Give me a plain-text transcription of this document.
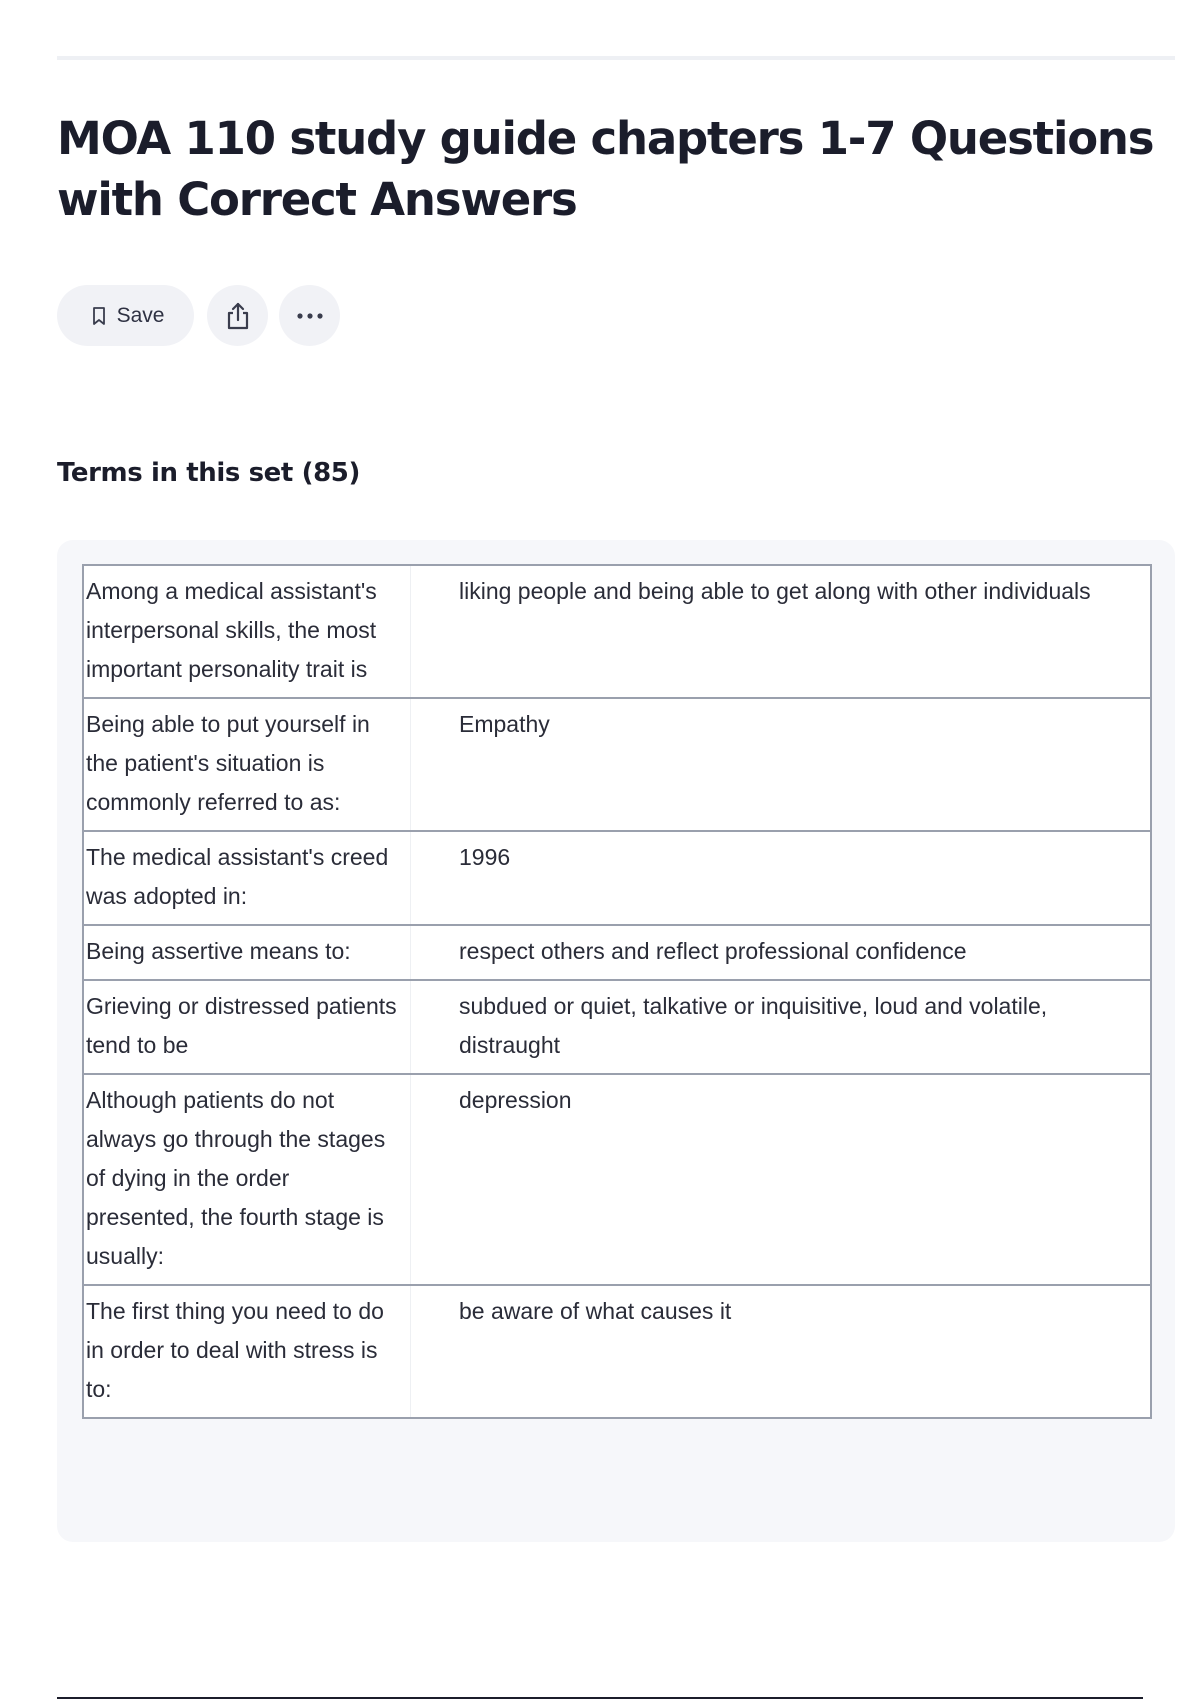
MOA 110 study guide chapters 1-7 Questions with Correct Answers
Save
Terms in this set (85)
Among a medical assistant's interpersonal skills, the most important personality trait is	liking people and being able to get along with other individuals
Being able to put yourself in the patient's situation is commonly referred to as:	Empathy
The medical assistant's creed was adopted in:	1996
Being assertive means to:	respect others and reflect professional confidence
Grieving or distressed patients tend to be	subdued or quiet, talkative or inquisitive, loud and volatile, distraught
Although patients do not always go through the stages of dying in the order presented, the fourth stage is usually:	depression
The first thing you need to do in order to deal with stress is to:	be aware of what causes it
